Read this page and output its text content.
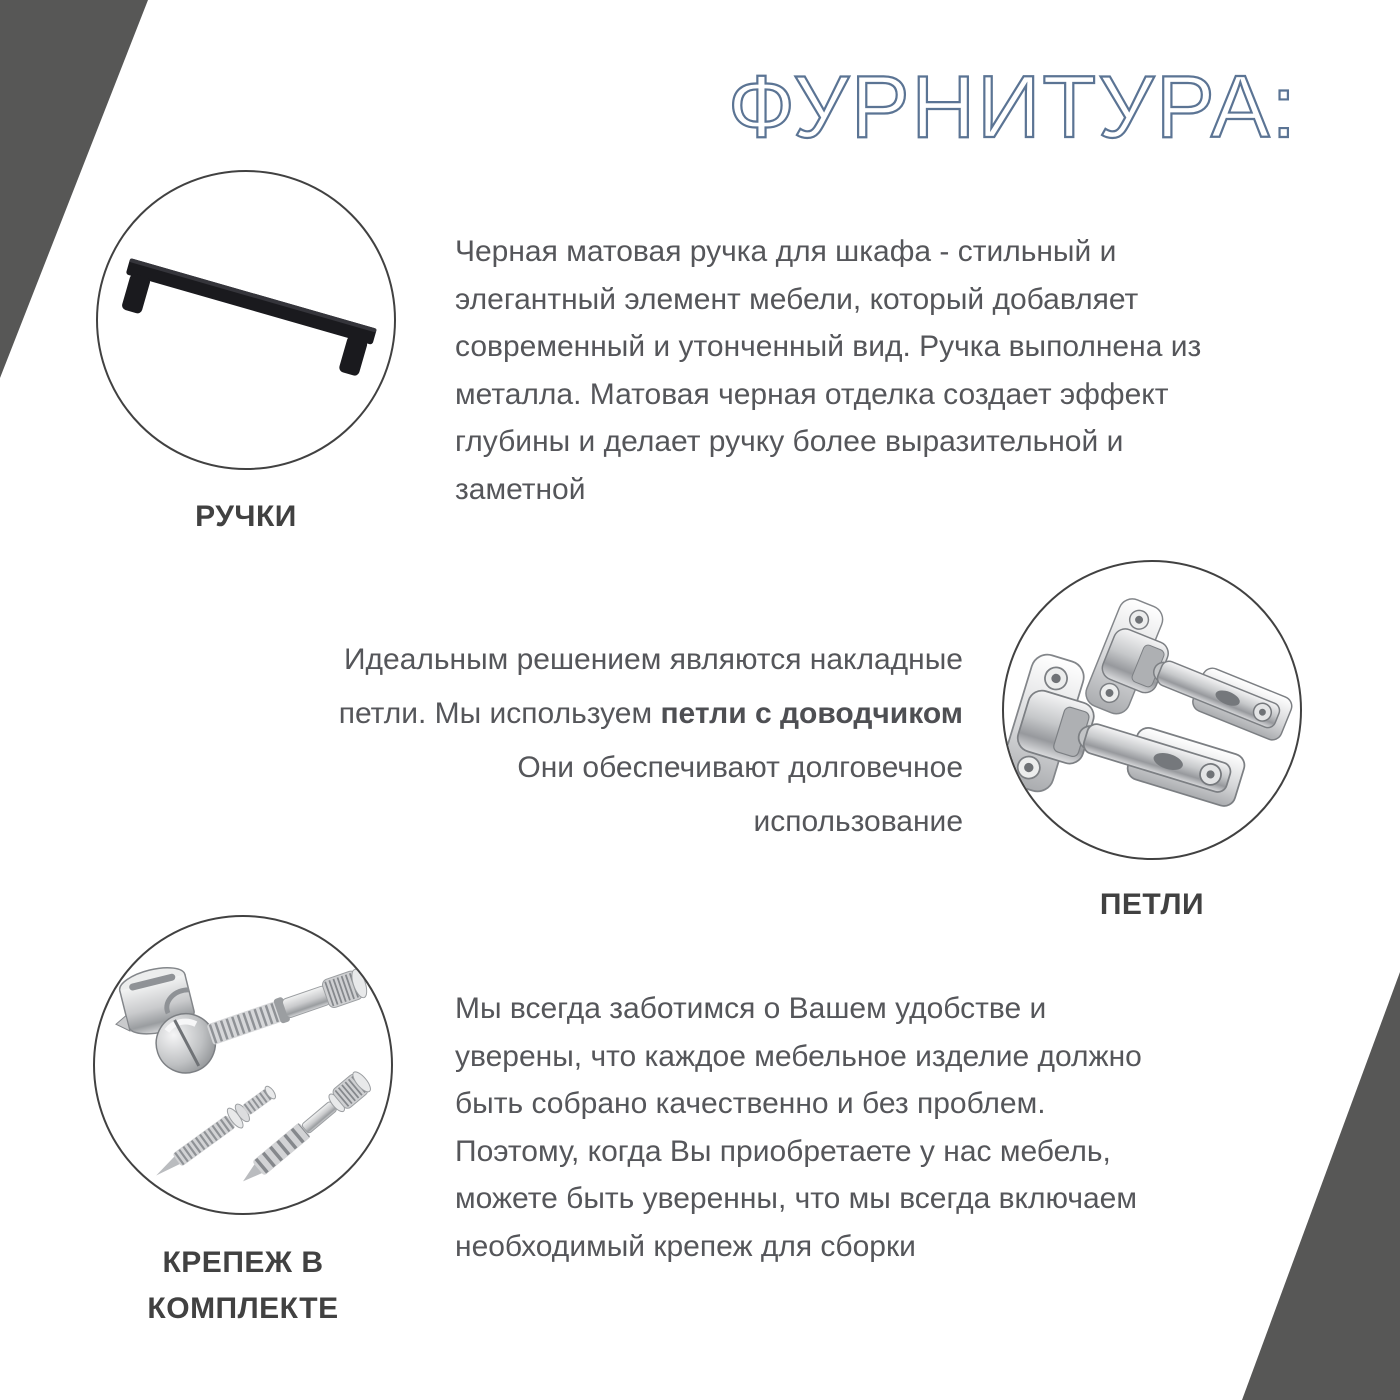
ФУРНИТУРА:
РУЧКИ
Черная матовая ручка для шкафа - стильный и
элегантный элемент мебели, который добавляет
современный и утонченный вид. Ручка выполнена из
металла. Матовая черная отделка создает эффект
глубины и делает ручку более выразительной и
заметной
Идеальным решением являются накладные
петли. Мы используем петли с доводчиком
Они обеспечивают долговечное
использование
ПЕТЛИ
КРЕПЕЖ В
КОМПЛЕКТЕ
Мы всегда заботимся о Вашем удобстве и
уверены, что каждое мебельное изделие должно
быть собрано качественно и без проблем.
Поэтому, когда Вы приобретаете у нас мебель,
можете быть уверенны, что мы всегда включаем
необходимый крепеж для сборки
